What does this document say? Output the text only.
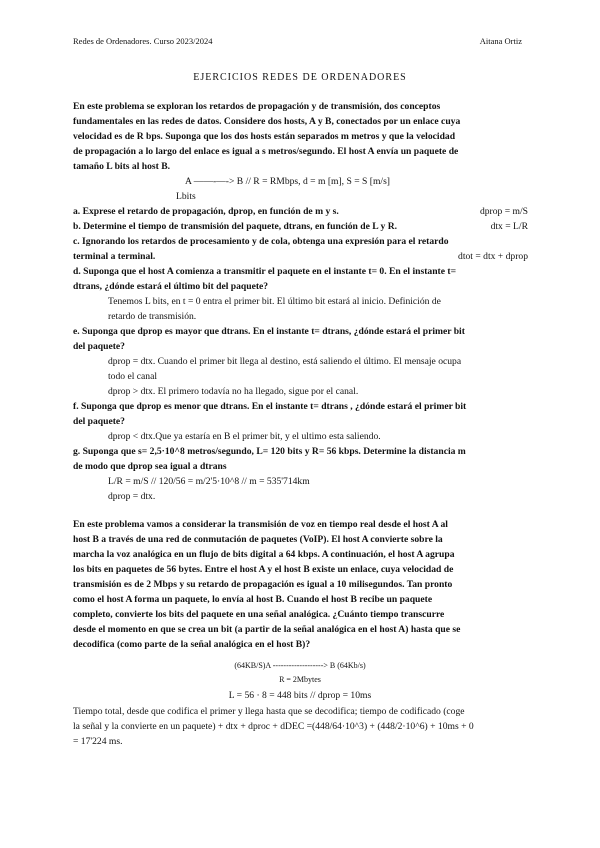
Redes de Ordenadores. Curso 2023/2024	Aitana Ortiz
EJERCICIOS REDES DE ORDENADORES
En este problema se exploran los retardos de propagación y de transmisión, dos conceptos
fundamentales en las redes de datos. Considere dos hosts, A y B, conectados por un enlace cuya
velocidad es de R bps. Suponga que los dos hosts están separados m metros y que la velocidad
de propagación a lo largo del enlace es igual a s metros/segundo. El host A envía un paquete de
tamaño L bits al host B.
A ——-—-> B // R = RMbps, d = m [m], S = S [m/s]
Lbits
a. Exprese el retardo de propagación, dprop, en función de m y s.	dprop = m/S
b. Determine el tiempo de transmisión del paquete, dtrans, en función de L y R.	dtx = L/R
c. Ignorando los retardos de procesamiento y de cola, obtenga una expresión para el retardo
terminal a terminal.	dtot = dtx + dprop
d. Suponga que el host A comienza a transmitir el paquete en el instante t= 0. En el instante t=
dtrans, ¿dónde estará el último bit del paquete?
Tenemos L bits, en t = 0 entra el primer bit. El último bit estará al inicio. Definición de
retardo de transmisión.
e. Suponga que dprop es mayor que dtrans. En el instante t= dtrans, ¿dónde estará el primer bit
del paquete?
dprop = dtx. Cuando el primer bit llega al destino, está saliendo el último. El mensaje ocupa
todo el canal
dprop > dtx. El primero todavía no ha llegado, sigue por el canal.
f. Suponga que dprop es menor que dtrans. En el instante t= dtrans , ¿dónde estará el primer bit
del paquete?
dprop < dtx.Que ya estaría en B el primer bit, y el ultimo esta saliendo.
g. Suponga que s= 2,5·10^8 metros/segundo, L= 120 bits y R= 56 kbps. Determine la distancia m
de modo que dprop sea igual a dtrans
L/R = m/S // 120/56 = m/2'5·10^8 // m = 535'714km
dprop = dtx.
En este problema vamos a considerar la transmisión de voz en tiempo real desde el host A al
host B a través de una red de conmutación de paquetes (VoIP). El host A convierte sobre la
marcha la voz analógica en un flujo de bits digital a 64 kbps. A continuación, el host A agrupa
los bits en paquetes de 56 bytes. Entre el host A y el host B existe un enlace, cuya velocidad de
transmisión es de 2 Mbps y su retardo de propagación es igual a 10 milisegundos. Tan pronto
como el host A forma un paquete, lo envía al host B. Cuando el host B recibe un paquete
completo, convierte los bits del paquete en una señal analógica. ¿Cuánto tiempo transcurre
desde el momento en que se crea un bit (a partir de la señal analógica en el host A) hasta que se
decodifica (como parte de la señal analógica en el host B)?
(64KB/S)A -------------------> B (64Kb/s)
R = 2Mbytes
L = 56 · 8 = 448 bits // dprop = 10ms
Tiempo total, desde que codifica el primer y llega hasta que se decodifica; tiempo de codificado (coge
la señal y la convierte en un paquete) + dtx + dproc + dDEC =(448/64·10^3) + (448/2·10^6) + 10ms + 0
= 17'224 ms.
